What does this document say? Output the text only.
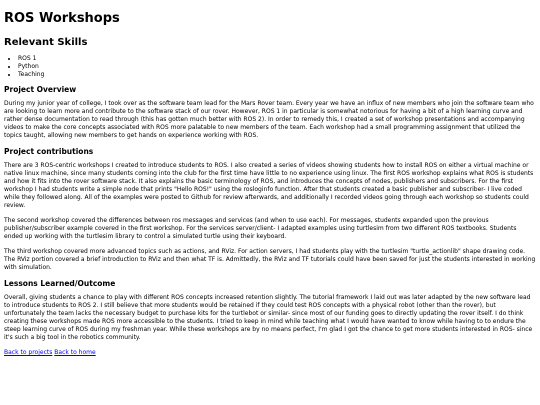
ROS Workshops
Relevant Skills
• ROS 1
• Python
• Teaching
Project Overview

During my junior year of college, I took over as the software team lead for the Mars Rover team. Every year we have an influx of new members who join the software team who are looking to learn more and contribute to the software stack of our rover. However, ROS 1 in particular is somewhat notorious for having a bit of a high learning curve and rather dense documentation to read through (this has gotten much better with ROS 2). In order to remedy this, I created a set of workshop presentations and accompanying videos to make the core concepts associated with ROS more palatable to new members of the team. Each workshop had a small programming assignment that utilized the topics taught, allowing new members to get hands on experience working with ROS.

Project contributions

There are 3 ROS-centric workshops I created to introduce students to ROS. I also created a series of videos showing students how to install ROS on either a virtual machine or native linux machine, since many students coming into the club for the first time have little to no experience using linux. The first ROS workshop explains what ROS is students and how it fits into the rover software stack. It also explains the basic terminology of ROS, and introduces the concepts of nodes, publishers and subscribers. For the first workshop I had students write a simple node that prints "Hello ROS!" using the rosloginfo function. After that students created a basic publisher and subscriber- I live coded while they followed along. All of the examples were posted to Github for review afterwards, and additionally I recorded videos going through each workshop so students could review.

The second workshop covered the differences between ros messages and services (and when to use each). For messages, students expanded upon the previous publisher/subscriber example covered in the first workshop. For the services server/client- I adapted examples using turtlesim from two different ROS textbooks. Students ended up working with the turtlesim library to control a simulated turtle using their keyboard.

The third workshop covered more advanced topics such as actions, and RViz. For action servers, I had students play with the turtlesim "turtle_actionlib" shape drawing code. The RViz portion covered a brief introduction to RViz and then what TF is. Admittedly, the RViz and TF tutorials could have been saved for just the students interested in working with simulation.

Lessons Learned/Outcome

Overall, giving students a chance to play with different ROS concepts increased retention slightly. The tutorial framework I laid out was later adapted by the new software lead to introduce students to ROS 2. I still believe that more students would be retained if they could test ROS concepts with a physical robot (other than the rover), but unfortunately the team lacks the necessary budget to purchase kits for the turtlebot or similar- since most of our funding goes to directly updating the rover itself. I do think creating these workshops made ROS more accessible to the students. I tried to keep in mind while teaching what I would have wanted to know while having to to endure the steep learning curve of ROS during my freshman year. While these workshops are by no means perfect, I'm glad I got the chance to get more students interested in ROS- since it's such a big tool in the robotics community.

Back to projects Back to home
